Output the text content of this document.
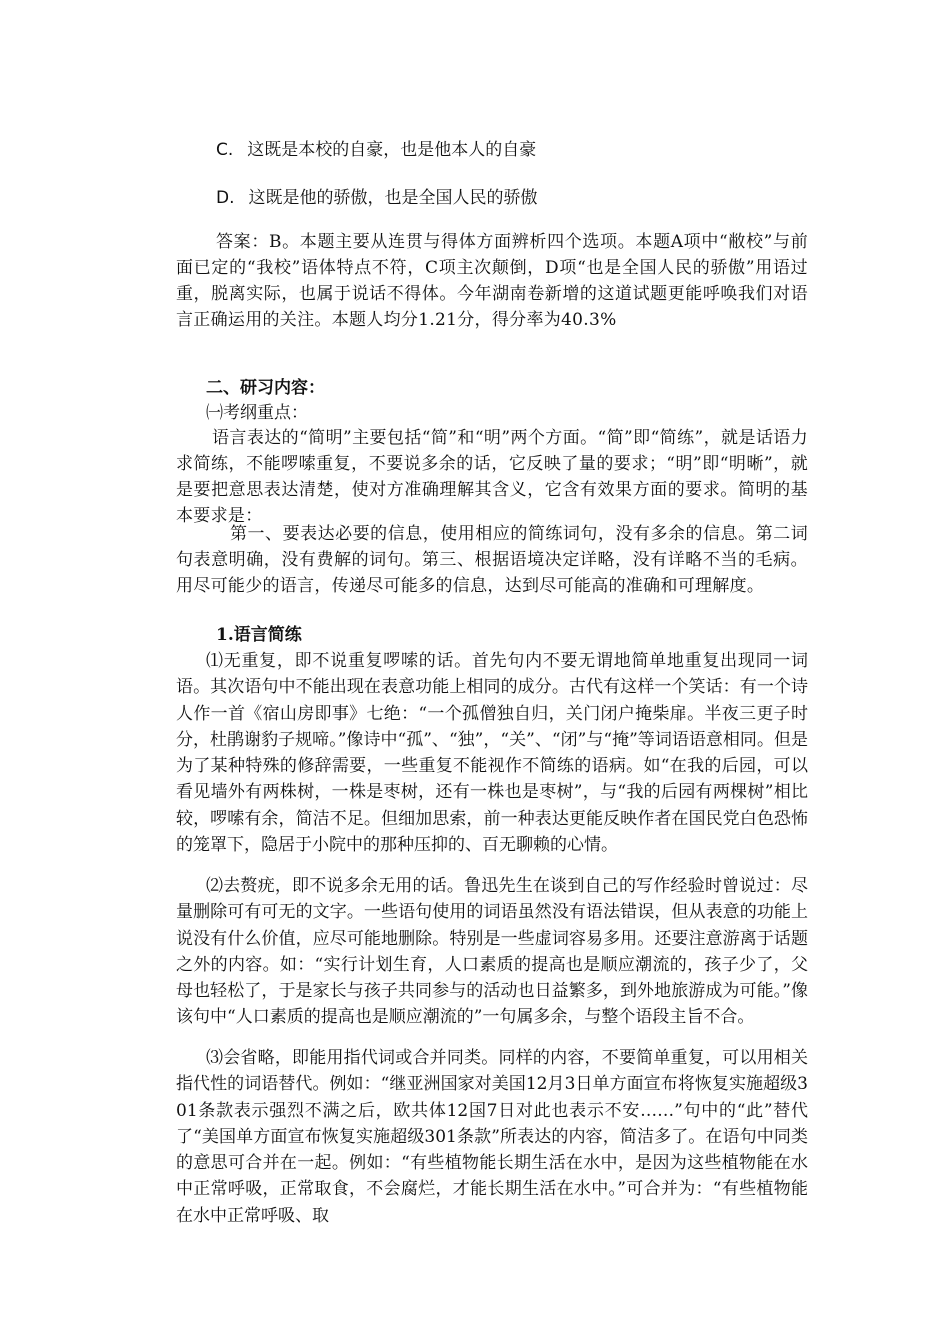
C. 这既是本校的自豪，也是他本人的自豪
D. 这既是他的骄傲，也是全国人民的骄傲
答案：B。本题主要从连贯与得体方面辨析四个选项。本题A项中“敝校”与前面已定的“我校”语体特点不符，C项主次颠倒，D项“也是全国人民的骄傲”用语过重，脱离实际，也属于说话不得体。今年湖南卷新增的这道试题更能呼唤我们对语言正确运用的关注。本题人均分1.21分，得分率为40.3%
二、研习内容：
㈠考纲重点：
语言表达的“简明”主要包括“简”和“明”两个方面。“简”即“简练”，就是话语力求简练，不能啰嗦重复，不要说多余的话，它反映了量的要求；“明”即“明晰”，就是要把意思表达清楚，使对方准确理解其含义，它含有效果方面的要求。简明的基本要求是：
第一、要表达必要的信息，使用相应的简练词句，没有多余的信息。第二词句表意明确，没有费解的词句。第三、根据语境决定详略，没有详略不当的毛病。用尽可能少的语言，传递尽可能多的信息，达到尽可能高的准确和可理解度。
1.语言简练
⑴无重复，即不说重复啰嗦的话。首先句内不要无谓地简单地重复出现同一词语。其次语句中不能出现在表意功能上相同的成分。古代有这样一个笑话：有一个诗人作一首《宿山房即事》七绝：“一个孤僧独自归，关门闭户掩柴扉。半夜三更子时分，杜鹃谢豹子规啼。”像诗中“孤”、“独”，“关”、“闭”与“掩”等词语语意相同。但是为了某种特殊的修辞需要，一些重复不能视作不简练的语病。如“在我的后园，可以看见墙外有两株树，一株是枣树，还有一株也是枣树”，与“我的后园有两棵树”相比较，啰嗦有余，简洁不足。但细加思索，前一种表达更能反映作者在国民党白色恐怖的笼罩下，隐居于小院中的那种压抑的、百无聊赖的心情。
⑵去赘疣，即不说多余无用的话。鲁迅先生在谈到自己的写作经验时曾说过：尽量删除可有可无的文字。一些语句使用的词语虽然没有语法错误，但从表意的功能上说没有什么价值，应尽可能地删除。特别是一些虚词容易多用。还要注意游离于话题之外的内容。如：“实行计划生育，人口素质的提高也是顺应潮流的，孩子少了，父母也轻松了，于是家长与孩子共同参与的活动也日益繁多，到外地旅游成为可能。”像该句中“人口素质的提高也是顺应潮流的”一句属多余，与整个语段主旨不合。
⑶会省略，即能用指代词或合并同类。同样的内容，不要简单重复，可以用相关指代性的词语替代。例如：“继亚洲国家对美国12月3日单方面宣布将恢复实施超级301条款表示强烈不满之后，欧共体12国7日对此也表示不安……”句中的“此”替代了“美国单方面宣布恢复实施超级301条款”所表达的内容，简洁多了。在语句中同类的意思可合并在一起。例如：“有些植物能长期生活在水中，是因为这些植物能在水中正常呼吸，正常取食，不会腐烂，才能长期生活在水中。”可合并为：“有些植物能在水中正常呼吸、取
